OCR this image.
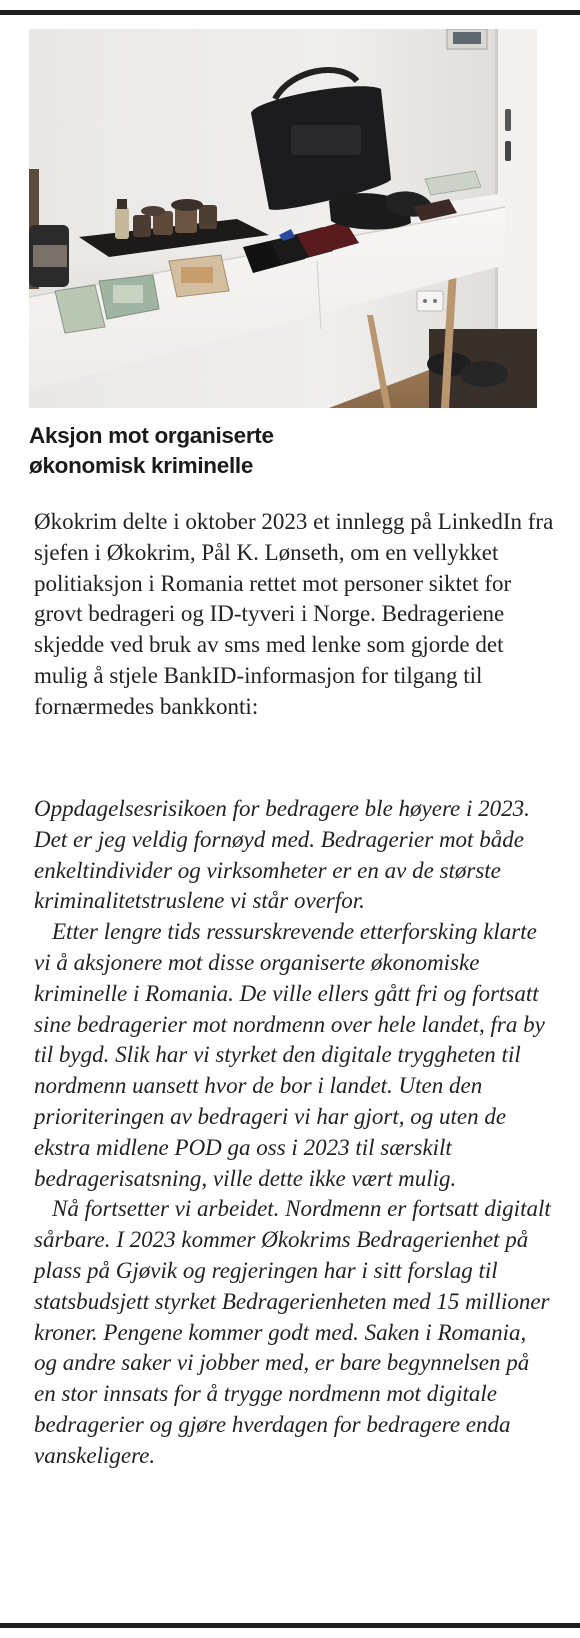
Aksjon mot organiserte
økonomisk kriminelle

Økokrim delte i oktober 2023 et innlegg på LinkedIn fra sjefen i Økokrim, Pål K. Lønseth, om en vellykket politiaksjon i Romania rettet mot personer siktet for grovt bedrageri og ID-tyveri i Norge. Bedrageriene skjedde ved bruk av sms med lenke som gjorde det mulig å stjele BankID-informasjon for tilgang til fornærmedes bankkonti:

Oppdagelsesrisikoen for bedragere ble høyere i 2023. Det er jeg veldig fornøyd med. Bedragerier mot både enkeltindivider og virksomheter er en av de største kriminalitetstruslene vi står overfor.

Etter lengre tids ressurskrevende etterforsking klarte vi å aksjonere mot disse organiserte økonomiske kriminelle i Romania. De ville ellers gått fri og fortsatt sine bedragerier mot nordmenn over hele landet, fra by til bygd. Slik har vi styrket den digitale tryggheten til nordmenn uansett hvor de bor i landet. Uten den prioriteringen av bedrageri vi har gjort, og uten de ekstra midlene POD ga oss i 2023 til særskilt bedragerisatsning, ville dette ikke vært mulig.

Nå fortsetter vi arbeidet. Nordmenn er fortsatt digitalt sårbare. I 2023 kommer Økokrims Bedragerienhet på plass på Gjøvik og regjeringen har i sitt forslag til statsbudsjett styrket Bedragerienheten med 15 millioner kroner. Pengene kommer godt med. Saken i Romania, og andre saker vi jobber med, er bare begynnelsen på en stor innsats for å trygge nordmenn mot digitale bedragerier og gjøre hverdagen for bedragere enda vanskeligere.
